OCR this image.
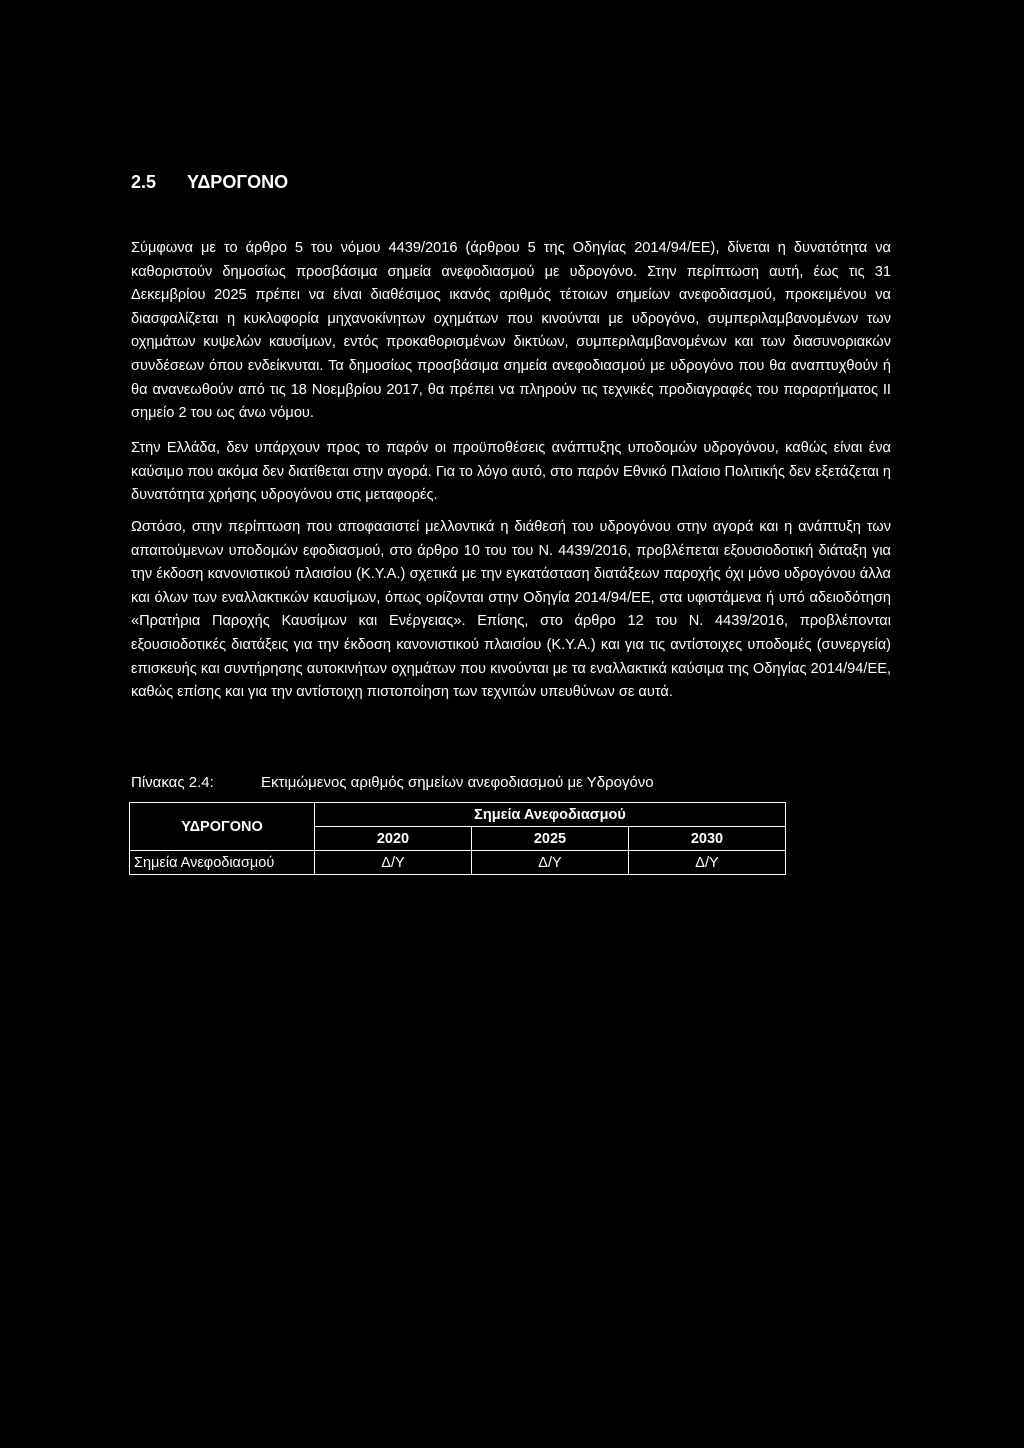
2.5 ΥΔΡΟΓΟΝΟ

Σύμφωνα με το άρθρο 5 του νόμου 4439/2016 (άρθρου 5 της Οδηγίας 2014/94/ΕΕ), δίνεται η δυνατότητα να καθοριστούν δημοσίως προσβάσιμα σημεία ανεφοδιασμού με υδρογόνο. Στην περίπτωση αυτή, έως τις 31 Δεκεμβρίου 2025 πρέπει να είναι διαθέσιμος ικανός αριθμός τέτοιων σημείων ανεφοδιασμού, προκειμένου να διασφαλίζεται η κυκλοφορία μηχανοκίνητων οχημάτων που κινούνται με υδρογόνο, συμπεριλαμβανομένων των οχημάτων κυψελών καυσίμων, εντός προκαθορισμένων δικτύων, συμπεριλαμβανομένων και των διασυνοριακών συνδέσεων όπου ενδείκνυται. Τα δημοσίως προσβάσιμα σημεία ανεφοδιασμού με υδρογόνο που θα αναπτυχθούν ή θα ανανεωθούν από τις 18 Νοεμβρίου 2017, θα πρέπει να πληρούν τις τεχνικές προδιαγραφές του παραρτήματος ΙΙ σημείο 2 του ως άνω νόμου.

Στην Ελλάδα, δεν υπάρχουν προς το παρόν οι προϋποθέσεις ανάπτυξης υποδομών υδρογόνου, καθώς είναι ένα καύσιμο που ακόμα δεν διατίθεται στην αγορά. Για το λόγο αυτό, στο παρόν Εθνικό Πλαίσιο Πολιτικής δεν εξετάζεται η δυνατότητα χρήσης υδρογόνου στις μεταφορές.

Ωστόσο, στην περίπτωση που αποφασιστεί μελλοντικά η διάθεσή του υδρογόνου στην αγορά και η ανάπτυξη των απαιτούμενων υποδομών εφοδιασμού, στο άρθρο 10 του του Ν. 4439/2016, προβλέπεται εξουσιοδοτική διάταξη για την έκδοση κανονιστικού πλαισίου (Κ.Υ.Α.) σχετικά με την εγκατάσταση διατάξεων παροχής όχι μόνο υδρογόνου άλλα και όλων των εναλλακτικών καυσίμων, όπως ορίζονται στην Οδηγία 2014/94/ΕΕ, στα υφιστάμενα ή υπό αδειοδότηση «Πρατήρια Παροχής Καυσίμων και Ενέργειας». Επίσης, στο άρθρο 12 του Ν. 4439/2016, προβλέπονται εξουσιοδοτικές διατάξεις για την έκδοση κανονιστικού πλαισίου (Κ.Υ.Α.) και για τις αντίστοιχες υποδομές (συνεργεία) επισκευής και συντήρησης αυτοκινήτων οχημάτων που κινούνται με τα εναλλακτικά καύσιμα της Οδηγίας 2014/94/ΕΕ, καθώς επίσης και για την αντίστοιχη πιστοποίηση των τεχνιτών υπευθύνων σε αυτά.

Πίνακας 2.4:	Εκτιμώμενος αριθμός σημείων ανεφοδιασμού με Υδρογόνο
ΥΔΡΟΓΟΝΟ	Σημεία Ανεφοδιασμού		
	2020	2025	2030
Σημεία Ανεφοδιασμού	Δ/Υ	Δ/Υ	Δ/Υ
